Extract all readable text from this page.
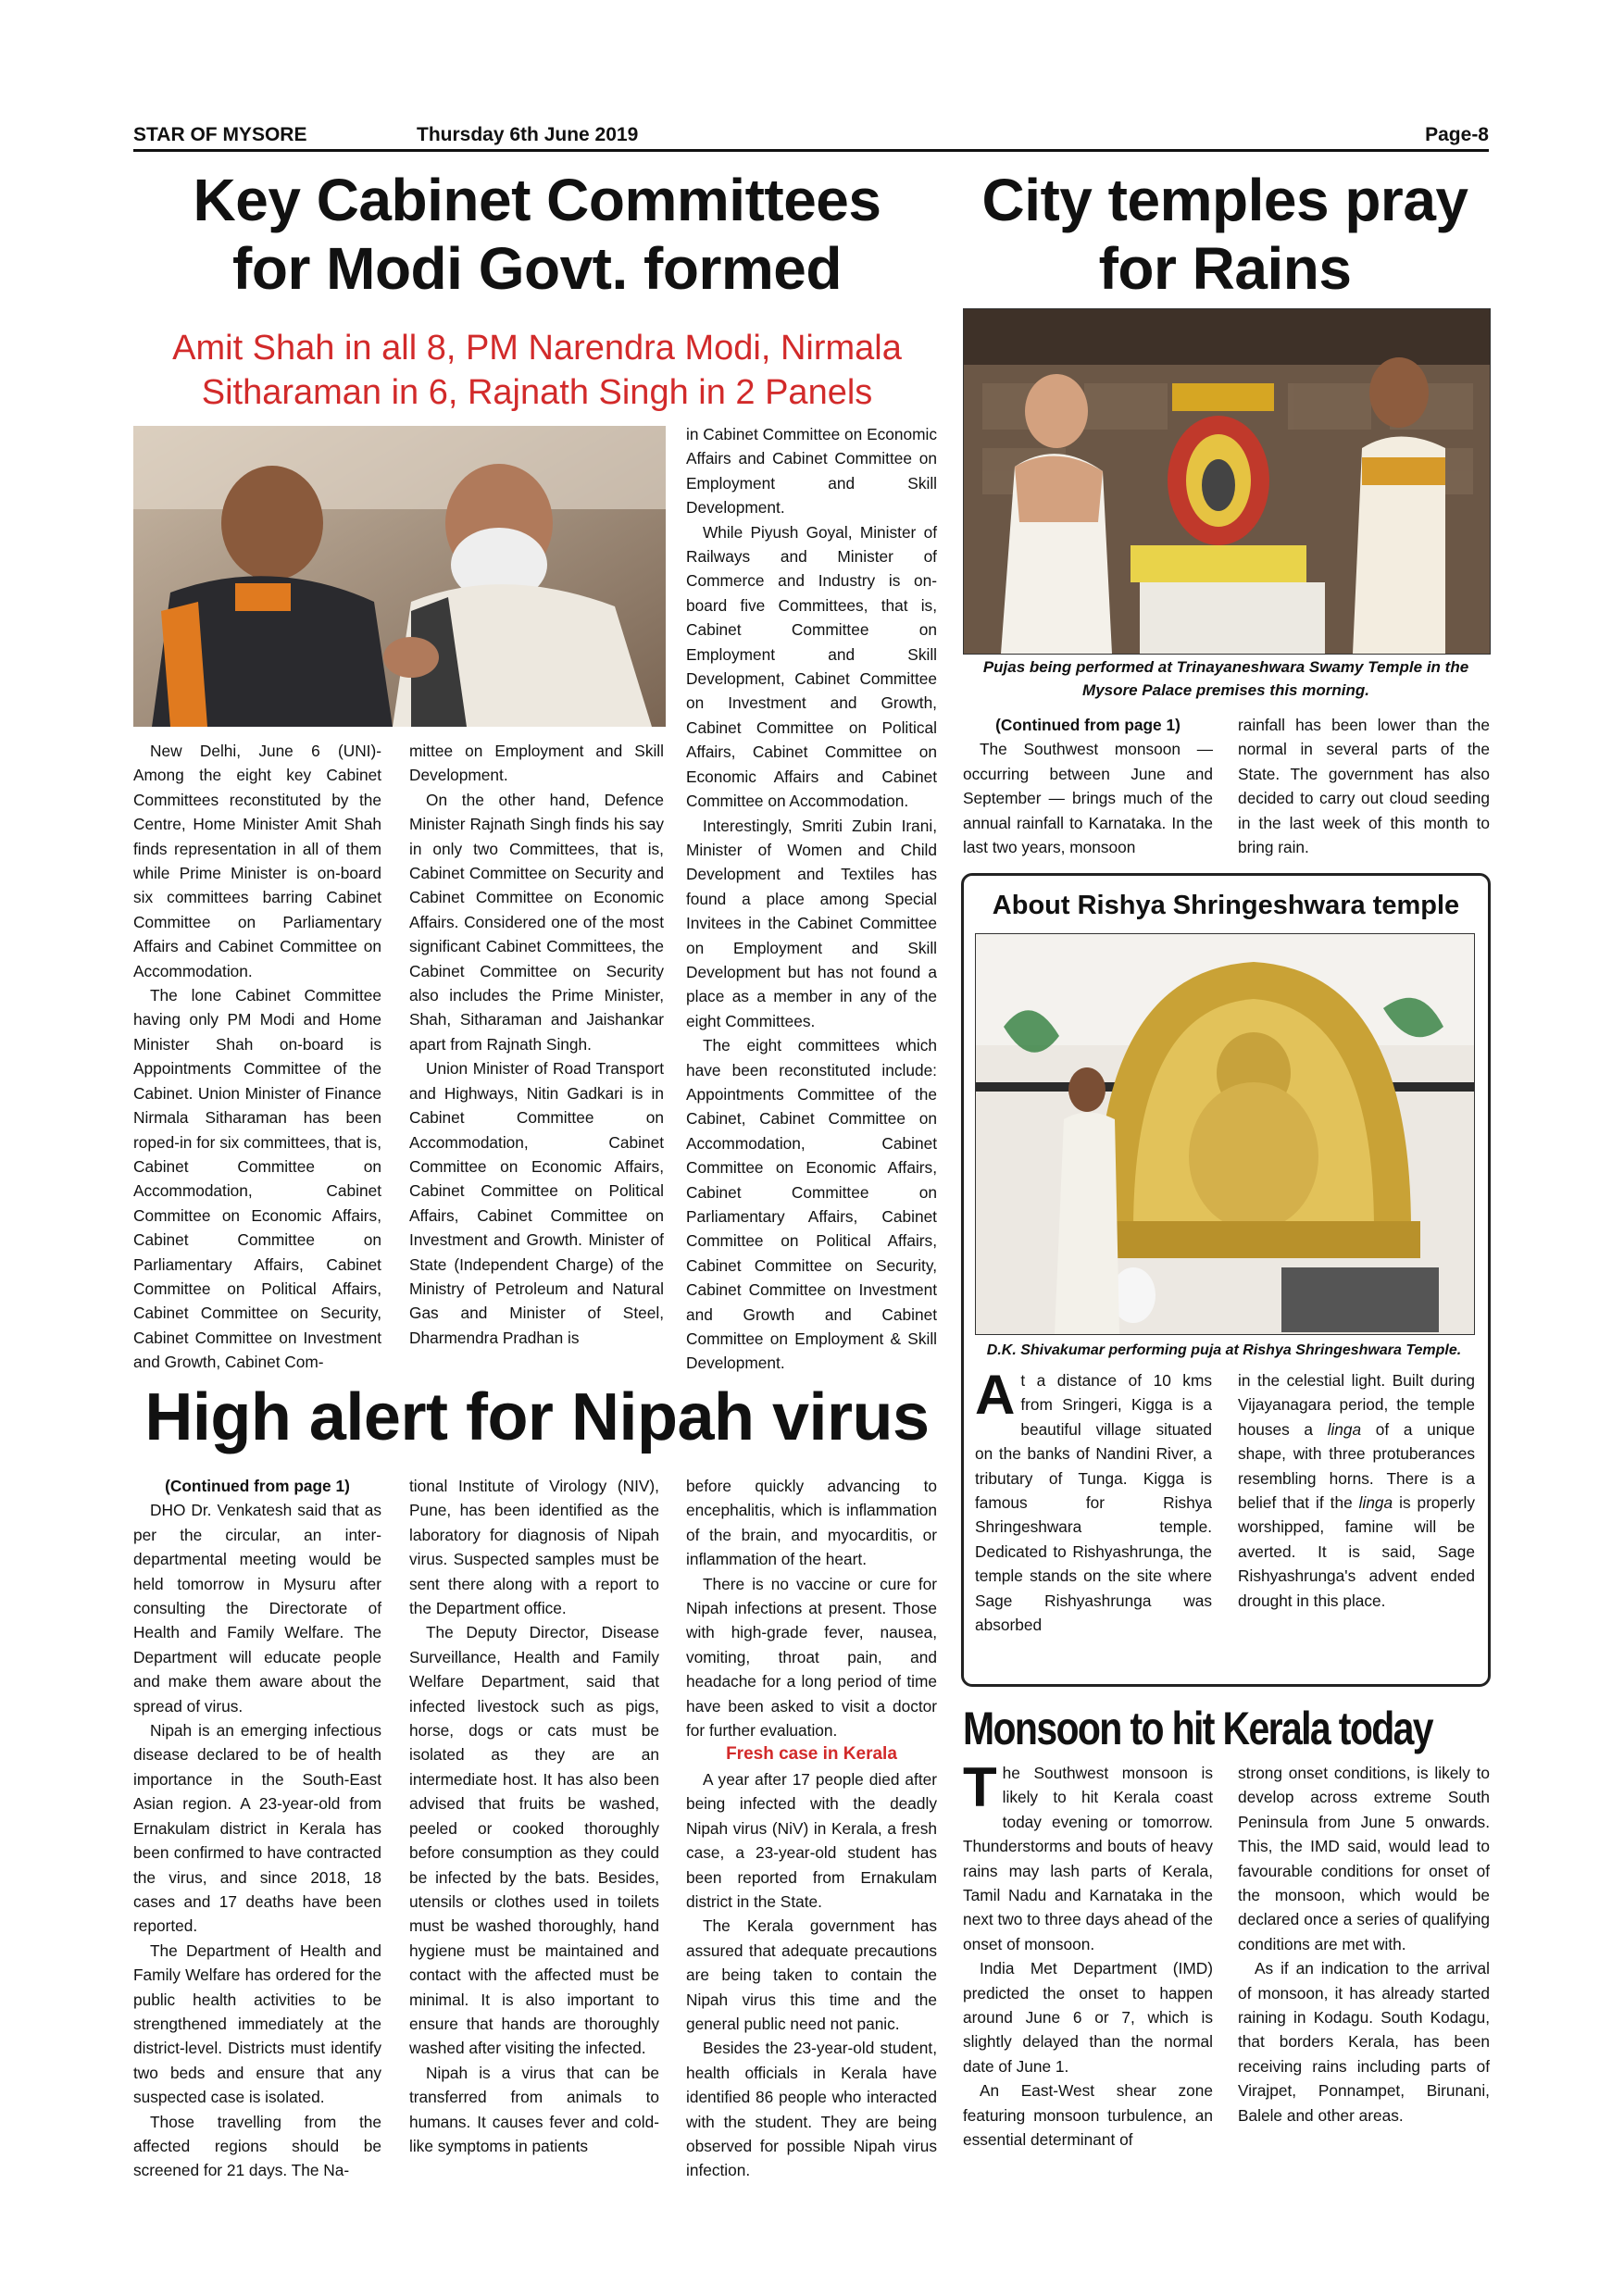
STAR OF MYSORE	Thursday 6th June 2019	Page-8
Key Cabinet Committees
for Modi Govt. formed
Amit Shah in all 8, PM Narendra Modi, Nirmala
Sitharaman in 6, Rajnath Singh in 2 Panels

New Delhi, June 6 (UNI)- Among the eight key Cabinet Committees reconstituted by the Centre, Home Minister Amit Shah finds representation in all of them while Prime Minister is on-board six committees barring Cabinet Committee on Parliamentary Affairs and Cabinet Committee on Accommodation.

The lone Cabinet Committee having only PM Modi and Home Minister Shah on-board is Appointments Committee of the Cabinet. Union Minister of Finance Nirmala Sitharaman has been roped-in for six committees, that is, Cabinet Committee on Accommodation, Cabinet Committee on Economic Affairs, Cabinet Committee on Parliamentary Affairs, Cabinet Committee on Political Affairs, Cabinet Committee on Security, Cabinet Committee on Investment and Growth, Cabinet Com-

mittee on Employment and Skill Development.

On the other hand, Defence Minister Rajnath Singh finds his say in only two Committees, that is, Cabinet Committee on Security and Cabinet Committee on Economic Affairs. Considered one of the most significant Cabinet Committees, the Cabinet Committee on Security also includes the Prime Minister, Shah, Sitharaman and Jaishankar apart from Rajnath Singh.

Union Minister of Road Transport and Highways, Nitin Gadkari is in Cabinet Committee on Accommodation, Cabinet Committee on Economic Affairs, Cabinet Committee on Political Affairs, Cabinet Committee on Investment and Growth. Minister of State (Independent Charge) of the Ministry of Petroleum and Natural Gas and Minister of Steel, Dharmendra Pradhan is

in Cabinet Committee on Economic Affairs and Cabinet Committee on Employment and Skill Development.

While Piyush Goyal, Minister of Railways and Minister of Commerce and Industry is on-board five Committees, that is, Cabinet Committee on Employment and Skill Development, Cabinet Committee on Investment and Growth, Cabinet Committee on Political Affairs, Cabinet Committee on Economic Affairs and Cabinet Committee on Accommodation.

Interestingly, Smriti Zubin Irani, Minister of Women and Child Development and Textiles has found a place among Special Invitees in the Cabinet Committee on Employment and Skill Development but has not found a place as a member in any of the eight Committees.

The eight committees which have been reconstituted include: Appointments Committee of the Cabinet, Cabinet Committee on Accommodation, Cabinet Committee on Economic Affairs, Cabinet Committee on Parliamentary Affairs, Cabinet Committee on Political Affairs, Cabinet Committee on Security, Cabinet Committee on Investment and Growth and Cabinet Committee on Employment & Skill Development.

City temples pray
for Rains
Pujas being performed at Trinayaneshwara Swamy Temple in the Mysore Palace premises this morning.

(Continued from page 1)

The Southwest monsoon — occurring between June and September — brings much of the annual rainfall to Karnataka. In the last two years, monsoon

rainfall has been lower than the normal in several parts of the State. The government has also decided to carry out cloud seeding in the last week of this month to bring rain.

About Rishya Shringeshwara temple
D.K. Shivakumar performing puja at Rishya Shringeshwara Temple.

At a distance of 10 kms from Sringeri, Kigga is a beautiful village situated on the banks of Nandini River, a tributary of Tunga. Kigga is famous for Rishya Shringeshwara temple. Dedicated to Rishyashrunga, the temple stands on the site where Sage Rishyashrunga was absorbed

in the celestial light. Built during Vijayanagara period, the temple houses a linga of a unique shape, with three protuberances resembling horns. There is a belief that if the linga is properly worshipped, famine will be averted. It is said, Sage Rishyashrunga's advent ended drought in this place.

High alert for Nipah virus

(Continued from page 1)

DHO Dr. Venkatesh said that as per the circular, an inter-departmental meeting would be held tomorrow in Mysuru after consulting the Directorate of Health and Family Welfare. The Department will educate people and make them aware about the spread of virus.

Nipah is an emerging infectious disease declared to be of health importance in the South-East Asian region. A 23-year-old from Ernakulam district in Kerala has been confirmed to have contracted the virus, and since 2018, 18 cases and 17 deaths have been reported.

The Department of Health and Family Welfare has ordered for the public health activities to be strengthened immediately at the district-level. Districts must identify two beds and ensure that any suspected case is isolated.

Those travelling from the affected regions should be screened for 21 days. The Na-

tional Institute of Virology (NIV), Pune, has been identified as the laboratory for diagnosis of Nipah virus. Suspected samples must be sent there along with a report to the Department office.

The Deputy Director, Disease Surveillance, Health and Family Welfare Department, said that infected livestock such as pigs, horse, dogs or cats must be isolated as they are an intermediate host. It has also been advised that fruits be washed, peeled or cooked thoroughly before consumption as they could be infected by the bats. Besides, utensils or clothes used in toilets must be washed thoroughly, hand hygiene must be maintained and contact with the affected must be minimal. It is also important to ensure that hands are thoroughly washed after visiting the infected.

Nipah is a virus that can be transferred from animals to humans. It causes fever and cold-like symptoms in patients

before quickly advancing to encephalitis, which is inflammation of the brain, and myocarditis, or inflammation of the heart.

There is no vaccine or cure for Nipah infections at present. Those with high-grade fever, nausea, vomiting, throat pain, and headache for a long period of time have been asked to visit a doctor for further evaluation.

Fresh case in Kerala

A year after 17 people died after being infected with the deadly Nipah virus (NiV) in Kerala, a fresh case, a 23-year-old student has been reported from Ernakulam district in the State.

The Kerala government has assured that adequate precautions are being taken to contain the Nipah virus this time and the general public need not panic.

Besides the 23-year-old student, health officials in Kerala have identified 86 people who interacted with the student. They are being observed for possible Nipah virus infection.

Monsoon to hit Kerala today

The Southwest monsoon is likely to hit Kerala coast today evening or tomorrow. Thunderstorms and bouts of heavy rains may lash parts of Kerala, Tamil Nadu and Karnataka in the next two to three days ahead of the onset of monsoon.

India Met Department (IMD) predicted the onset to happen around June 6 or 7, which is slightly delayed than the normal date of June 1.

An East-West shear zone featuring monsoon turbulence, an essential determinant of

strong onset conditions, is likely to develop across extreme South Peninsula from June 5 onwards. This, the IMD said, would lead to favourable conditions for onset of the monsoon, which would be declared once a series of qualifying conditions are met with.

As if an indication to the arrival of monsoon, it has already started raining in Kodagu. South Kodagu, that borders Kerala, has been receiving rains including parts of Virajpet, Ponnampet, Birunani, Balele and other areas.
